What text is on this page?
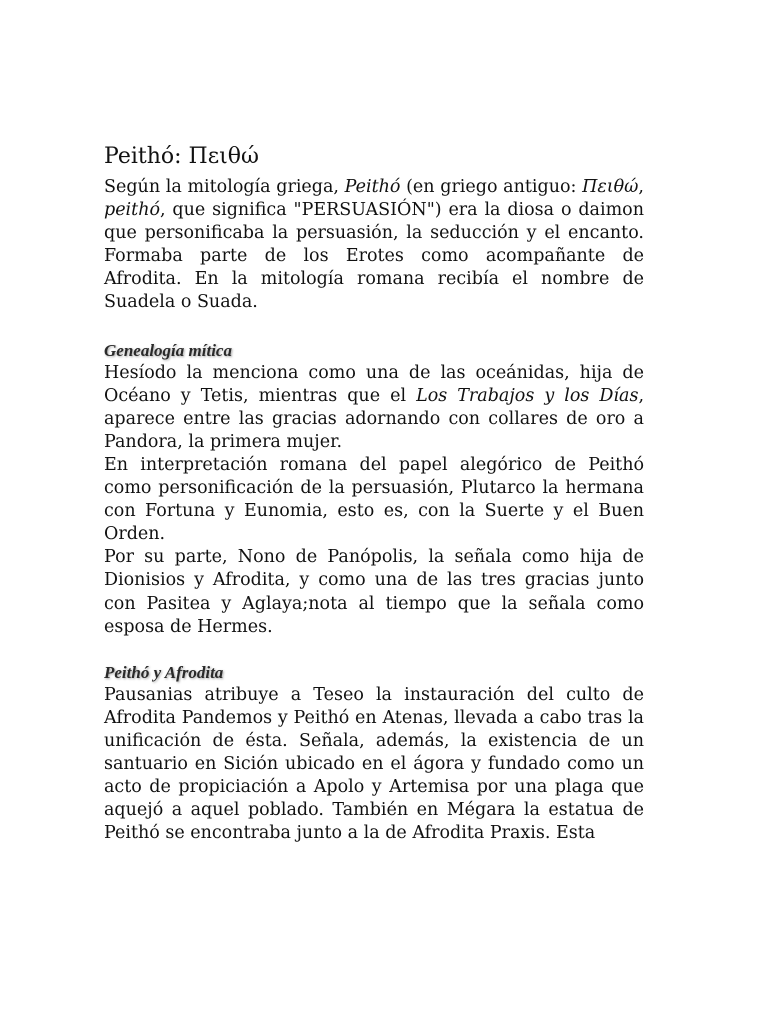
Peithó: Πειθώ

Según la mitología griega, Peithó (en griego antiguo: Πειθώ, peithó, que significa "PERSUASIÓN") era la diosa o daimon que personificaba la persuasión, la seducción y el encanto. Formaba parte de los Erotes como acompañante de Afrodita. En la mitología romana recibía el nombre de Suadela o Suada.

Genealogía mítica

Hesíodo la menciona como una de las oceánidas, hija de Océano y Tetis, mientras que el Los Trabajos y los Días, aparece entre las gracias adornando con collares de oro a Pandora, la primera mujer.

En interpretación romana del papel alegórico de Peithó como personificación de la persuasión, Plutarco la hermana con Fortuna y Eunomia, esto es, con la Suerte y el Buen Orden.

Por su parte, Nono de Panópolis, la señala como hija de Dionisios y Afrodita, y como una de las tres gracias junto con Pasitea y Aglaya;nota al tiempo que la señala como esposa de Hermes.

Peithó y Afrodita

Pausanias atribuye a Teseo la instauración del culto de Afrodita Pandemos y Peithó en Atenas, llevada a cabo tras la unificación de ésta. Señala, además, la existencia de un santuario en Sición ubicado en el ágora y fundado como un acto de propiciación a Apolo y Artemisa por una plaga que aquejó a aquel poblado. También en Mégara la estatua de Peithó se encontraba junto a la de Afrodita Praxis. Esta
